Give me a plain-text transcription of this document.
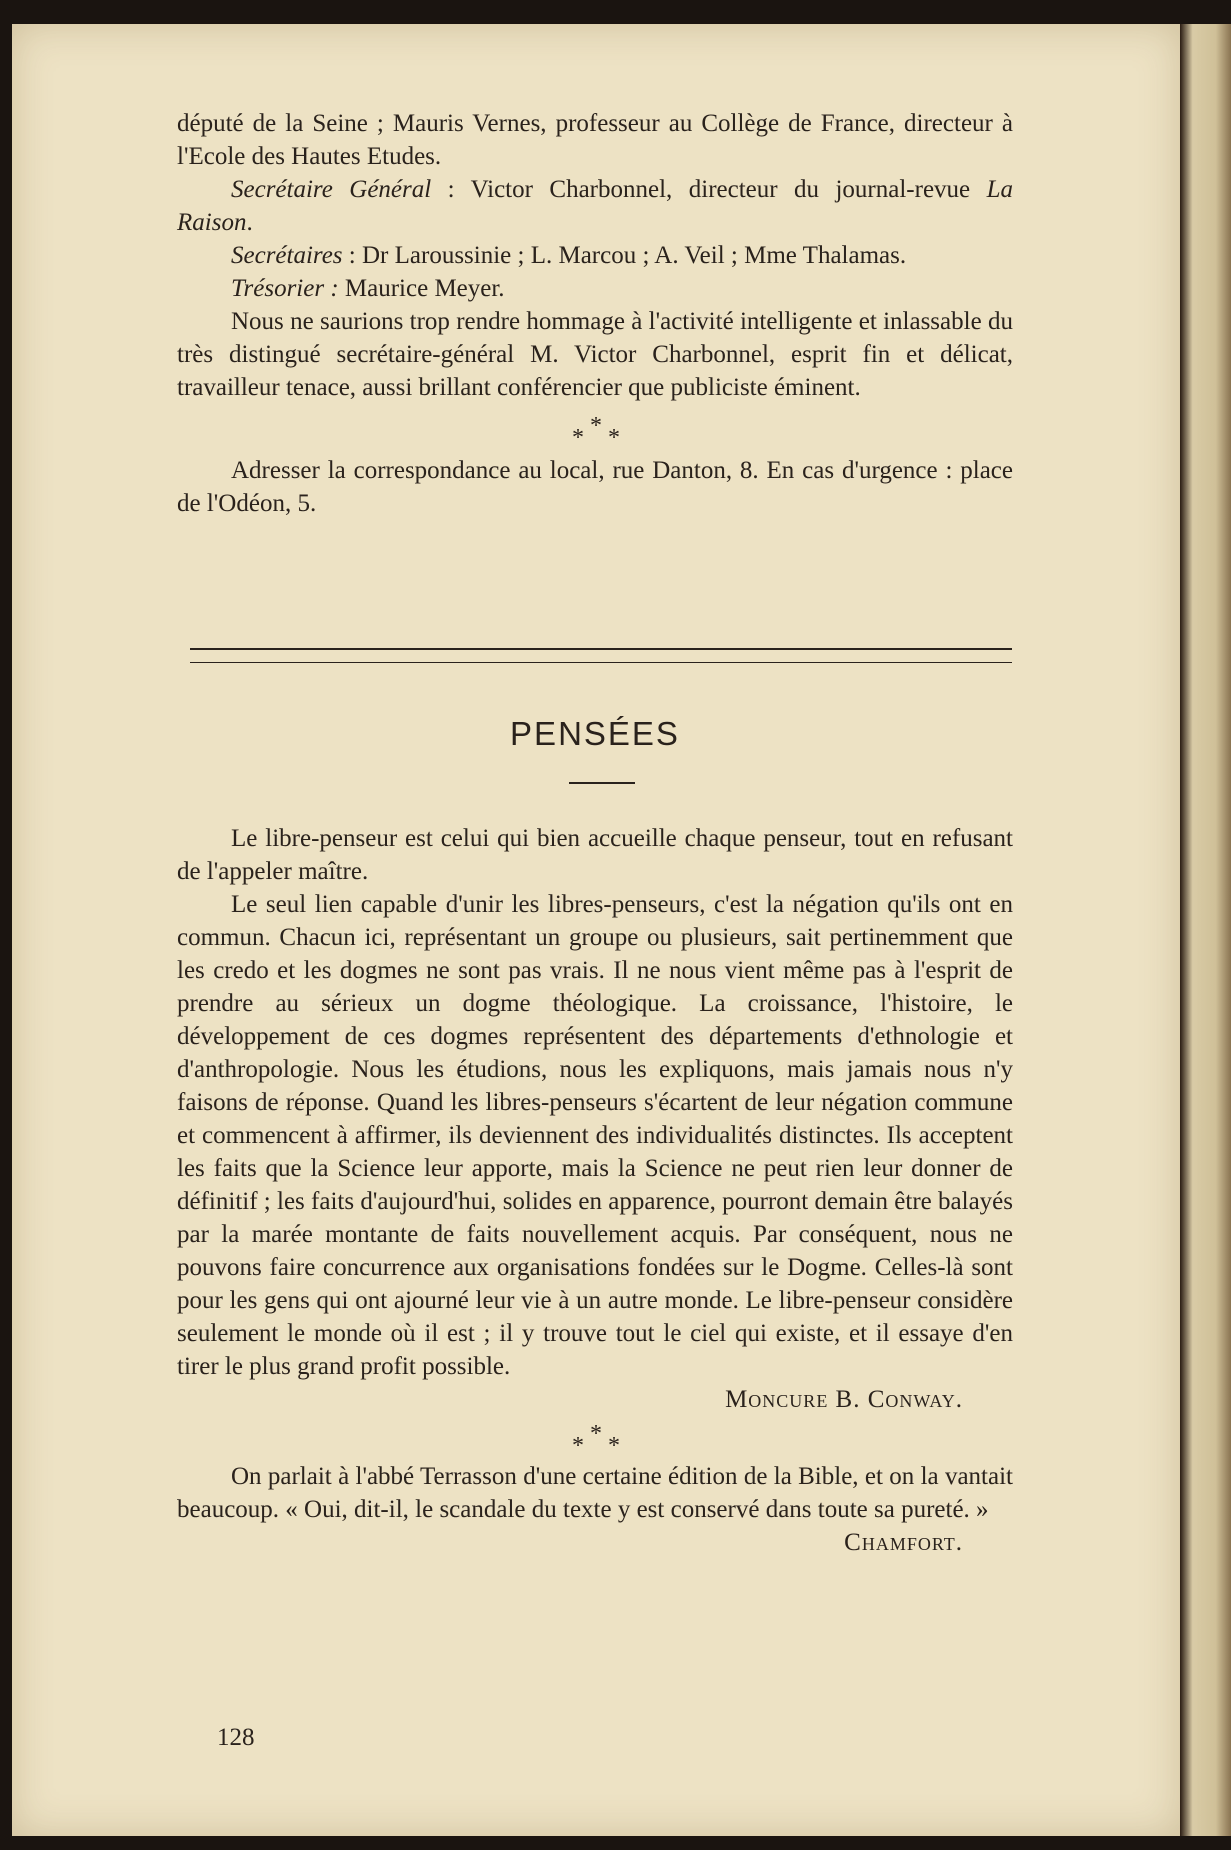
député de la Seine ; Mauris Vernes, professeur au Collège de France, directeur à l'Ecole des Hautes Etudes.

Secrétaire Général : Victor Charbonnel, directeur du journal-revue La Raison.

Secrétaires : Dr Laroussinie ; L. Marcou ; A. Veil ; Mme Thalamas.

Trésorier : Maurice Meyer.

Nous ne saurions trop rendre hommage à l'activité intelligente et inlassable du très distingué secrétaire-général M. Victor Charbonnel, esprit fin et délicat, travailleur tenace, aussi brillant conférencier que publiciste éminent.

*
* *

Adresser la correspondance au local, rue Danton, 8. En cas d'urgence : place de l'Odéon, 5.

PENSÉES

Le libre-penseur est celui qui bien accueille chaque penseur, tout en refusant de l'appeler maître.

Le seul lien capable d'unir les libres-penseurs, c'est la négation qu'ils ont en commun. Chacun ici, représentant un groupe ou plusieurs, sait pertinemment que les credo et les dogmes ne sont pas vrais. Il ne nous vient même pas à l'esprit de prendre au sérieux un dogme théologique. La croissance, l'histoire, le développement de ces dogmes représentent des départements d'ethnologie et d'anthropologie. Nous les étudions, nous les expliquons, mais jamais nous n'y faisons de réponse. Quand les libres-penseurs s'écartent de leur négation commune et commencent à affirmer, ils deviennent des individualités distinctes. Ils acceptent les faits que la Science leur apporte, mais la Science ne peut rien leur donner de définitif ; les faits d'aujourd'hui, solides en apparence, pourront demain être balayés par la marée montante de faits nouvellement acquis. Par conséquent, nous ne pouvons faire concurrence aux organisations fondées sur le Dogme. Celles-là sont pour les gens qui ont ajourné leur vie à un autre monde. Le libre-penseur considère seulement le monde où il est ; il y trouve tout le ciel qui existe, et il essaye d'en tirer le plus grand profit possible.

Moncure B. Conway.
*
* *

On parlait à l'abbé Terrasson d'une certaine édition de la Bible, et on la vantait beaucoup. « Oui, dit-il, le scandale du texte y est conservé dans toute sa pureté. »

Chamfort.
128
